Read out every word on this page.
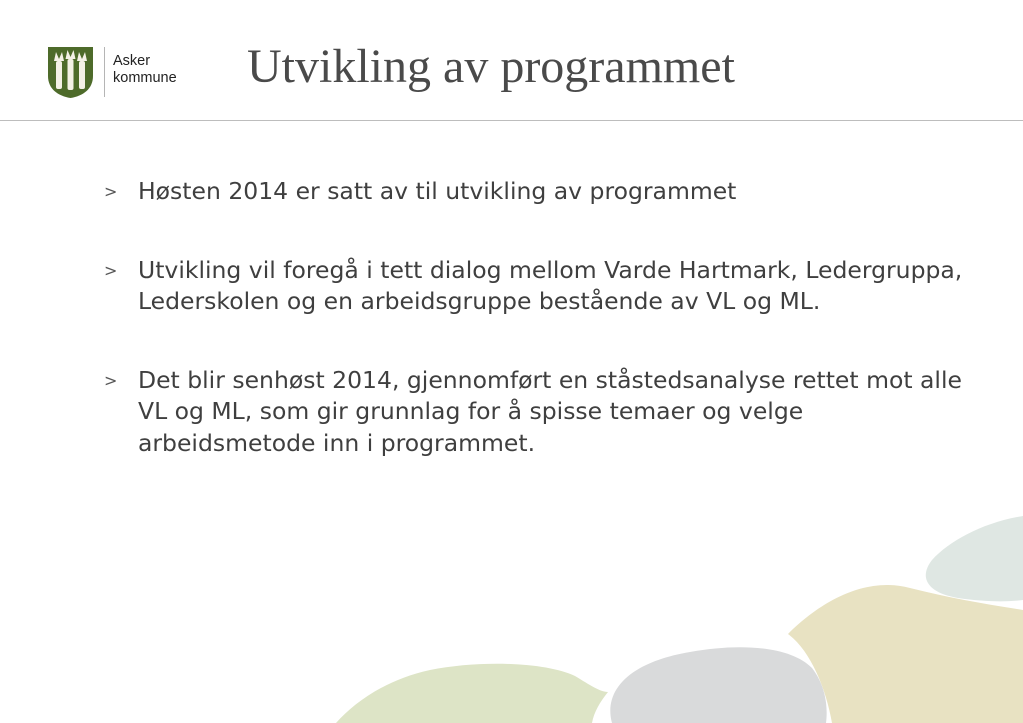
Asker
kommune	Utvikling av programmet
> Høsten 2014 er satt av til utvikling av programmet
> Utvikling vil foregå i tett dialog mellom Varde Hartmark, Ledergruppa, Lederskolen og en arbeidsgruppe bestående av VL og ML.
> Det blir senhøst 2014, gjennomført en ståstedsanalyse rettet mot alle VL og ML, som gir grunnlag for å spisse temaer og velge arbeidsmetode inn i programmet.
